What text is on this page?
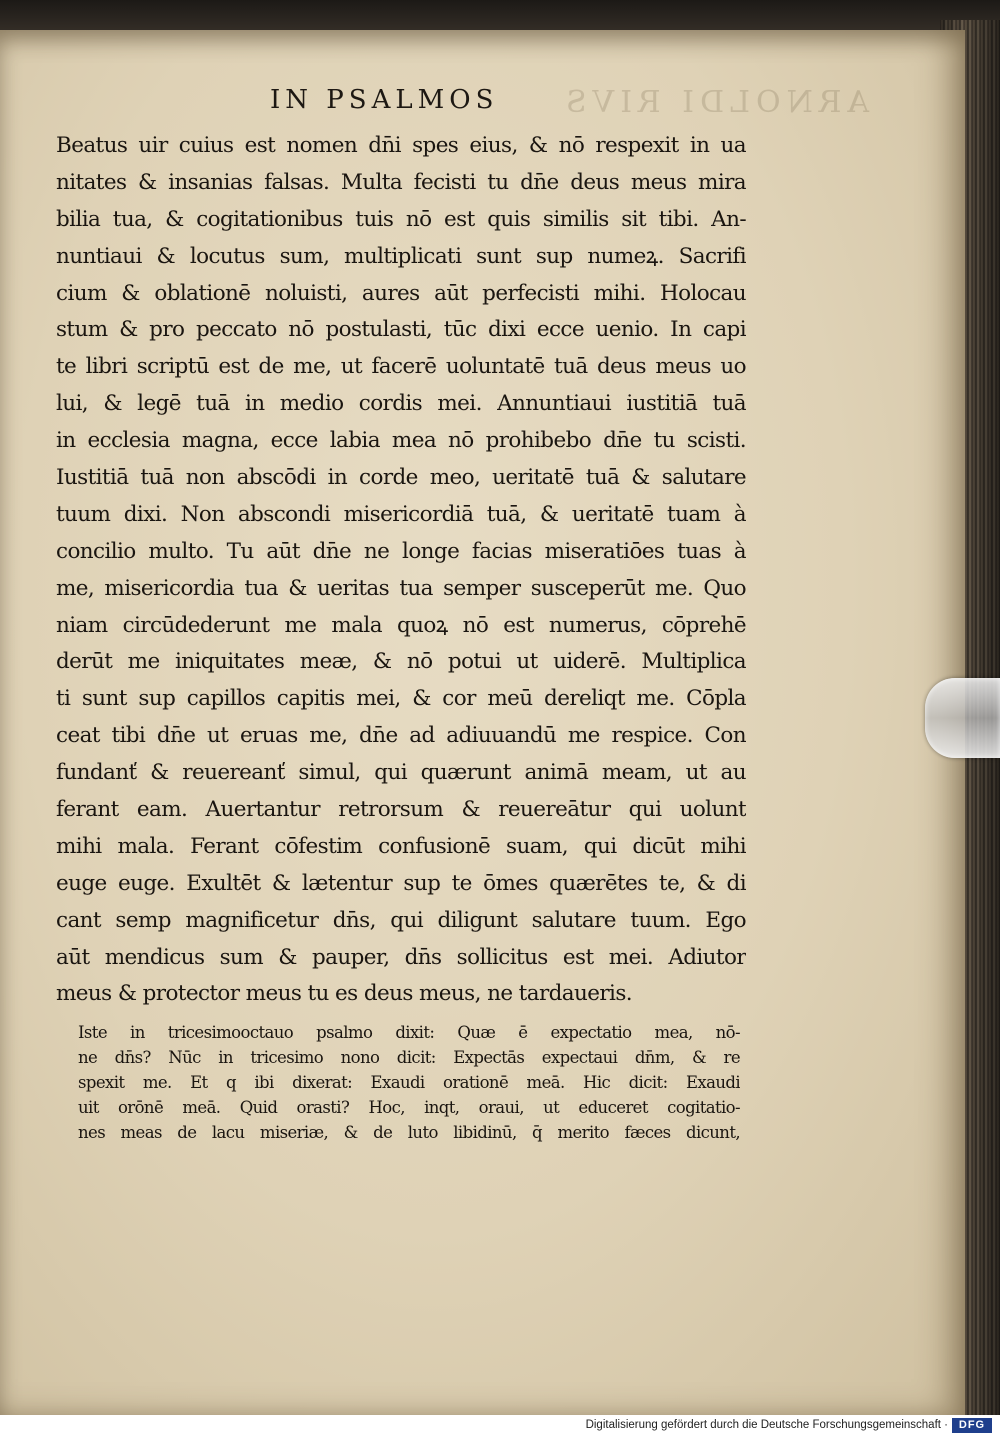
ARNOLDI RIVS
IN PSALMOS
Beatus uir cuius est nomen dn̄i spes eius, & nō respexit in ua
nitates & insanias falsas. Multa fecisti tu dn̄e deus meus mira
bilia tua, & cogitationibus tuis nō est quis similis sit tibi. An-
nuntiaui & locutus sum, multiplicati sunt sup numeꝝ. Sacrifi
cium & oblationē noluisti, aures aūt perfecisti mihi. Holocau
stum & pro peccato nō postulasti, tūc dixi ecce uenio. In capi
te libri scriptū est de me, ut facerē uoluntatē tuā deus meus uo
lui, & legē tuā in medio cordis mei. Annuntiaui iustitiā tuā
in ecclesia magna, ecce labia mea nō prohibebo dn̄e tu scisti.
Iustitiā tuā non abscōdi in corde meo, ueritatē tuā & salutare
tuum dixi. Non abscondi misericordiā tuā, & ueritatē tuam à
concilio multo. Tu aūt dn̄e ne longe facias miseratiōes tuas à
me, misericordia tua & ueritas tua semper susceperūt me. Quo
niam circūdederunt me mala quoꝝ nō est numerus, cōprehē
derūt me iniquitates meæ, & nō potui ut uiderē. Multiplica
ti sunt sup capillos capitis mei, & cor meū dereliqt me. Cōpla
ceat tibi dn̄e ut eruas me, dn̄e ad adiuuandū me respice. Con
fundanť & reuereanť simul, qui quærunt animā meam, ut au
ferant eam. Auertantur retrorsum & reuereātur qui uolunt
mihi mala. Ferant cōfestim confusionē suam, qui dicūt mihi
euge euge. Exultēt & lætentur sup te ōmes quærētes te, & di
cant semp magnificetur dn̄s, qui diligunt salutare tuum. Ego
aūt mendicus sum & pauper, dn̄s sollicitus est mei. Adiutor
meus & protector meus tu es deus meus, ne tardaueris.
Iste in tricesimooctauo psalmo dixit: Quæ ē expectatio mea, nō-
ne dn̄s? Nūc in tricesimo nono dicit: Expectās expectaui dn̄m, & re
spexit me. Et q ibi dixerat: Exaudi orationē meā. Hic dicit: Exaudi
uit orōnē meā. Quid orasti? Hoc, inqt, oraui, ut educeret cogitatio-
nes meas de lacu miseriæ, & de luto libidinū, q̄ merito fæces dicunt,
Digitalisierung gefördert durch die Deutsche Forschungsgemeinschaft · DFG
